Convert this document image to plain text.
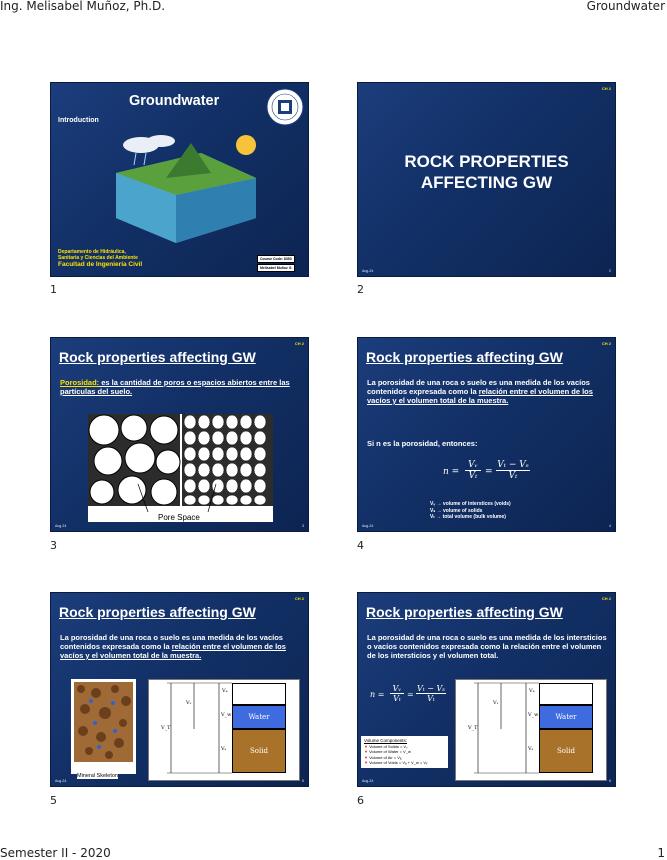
Ing. Melisabel Muñoz, Ph.D.	Groundwater
Groundwater
Introduction
Departamento de Hidráulica,
Sanitaria y Ciencias del Ambiente
Facultad de Ingeniería Civil
Course Code: 8353
Melisabel Muñoz G.
1
CH 2
ROCK PROPERTIES
AFFECTING GW
Aug-24	2
2
CH 2
Rock properties affecting GW
Porosidad: es la cantidad de poros o espacios abiertos entre las partículas del suelo.
Pore Space
Aug-24	3
3
CH 2
Rock properties affecting GW
La porosidad de una roca o suelo es una medida de los vacíos contenidos expresada como la relación entre el volumen de los vacíos y el volumen total de la muestra.
Si n es la porosidad, entonces:
$n = \frac{\text{Vᵥ}}{\text{Vₜ}} = \frac{\text{Vₜ − Vₛ}}{\text{Vₜ}}$
Vᵥ → volume of interstices (voids)
Vₛ → volume of solids
Vₜ → total volume (bulk volume)
Aug-24	4
4
CH 2
Rock properties affecting GW
La porosidad de una roca o suelo es una medida de los vacíos contenidos expresada como la relación entre el volumen de los vacíos y el volumen total de la muestra.
Mineral Skeleton
Air
Water
Solid
Vₐ
Vᵥ
V_w
V_T
Vₛ
Aug-24	5
5
CH 2
Rock properties affecting GW
La porosidad de una roca o suelo es una medida de los intersticios o vacíos contenidos expresada como la relación entre el volumen de los intersticios y el volumen total.
$n = \frac{\text{Vᵥ}}{\text{Vₜ}} = \frac{\text{Vₜ − Vₛ}}{\text{Vₜ}}$
Volume Components:
▼ Volume of Solids = Vₛ
▼ Volume of Water = V_w
▼ Volume of Air = Vₐ
▼ Volume of Voids = Vₐ + V_w = Vᵥ
Air
Water
Solid
Vₐ
Vᵥ
V_w
V_T
Vₛ
Aug-24	6
6
Semester II - 2020	1
